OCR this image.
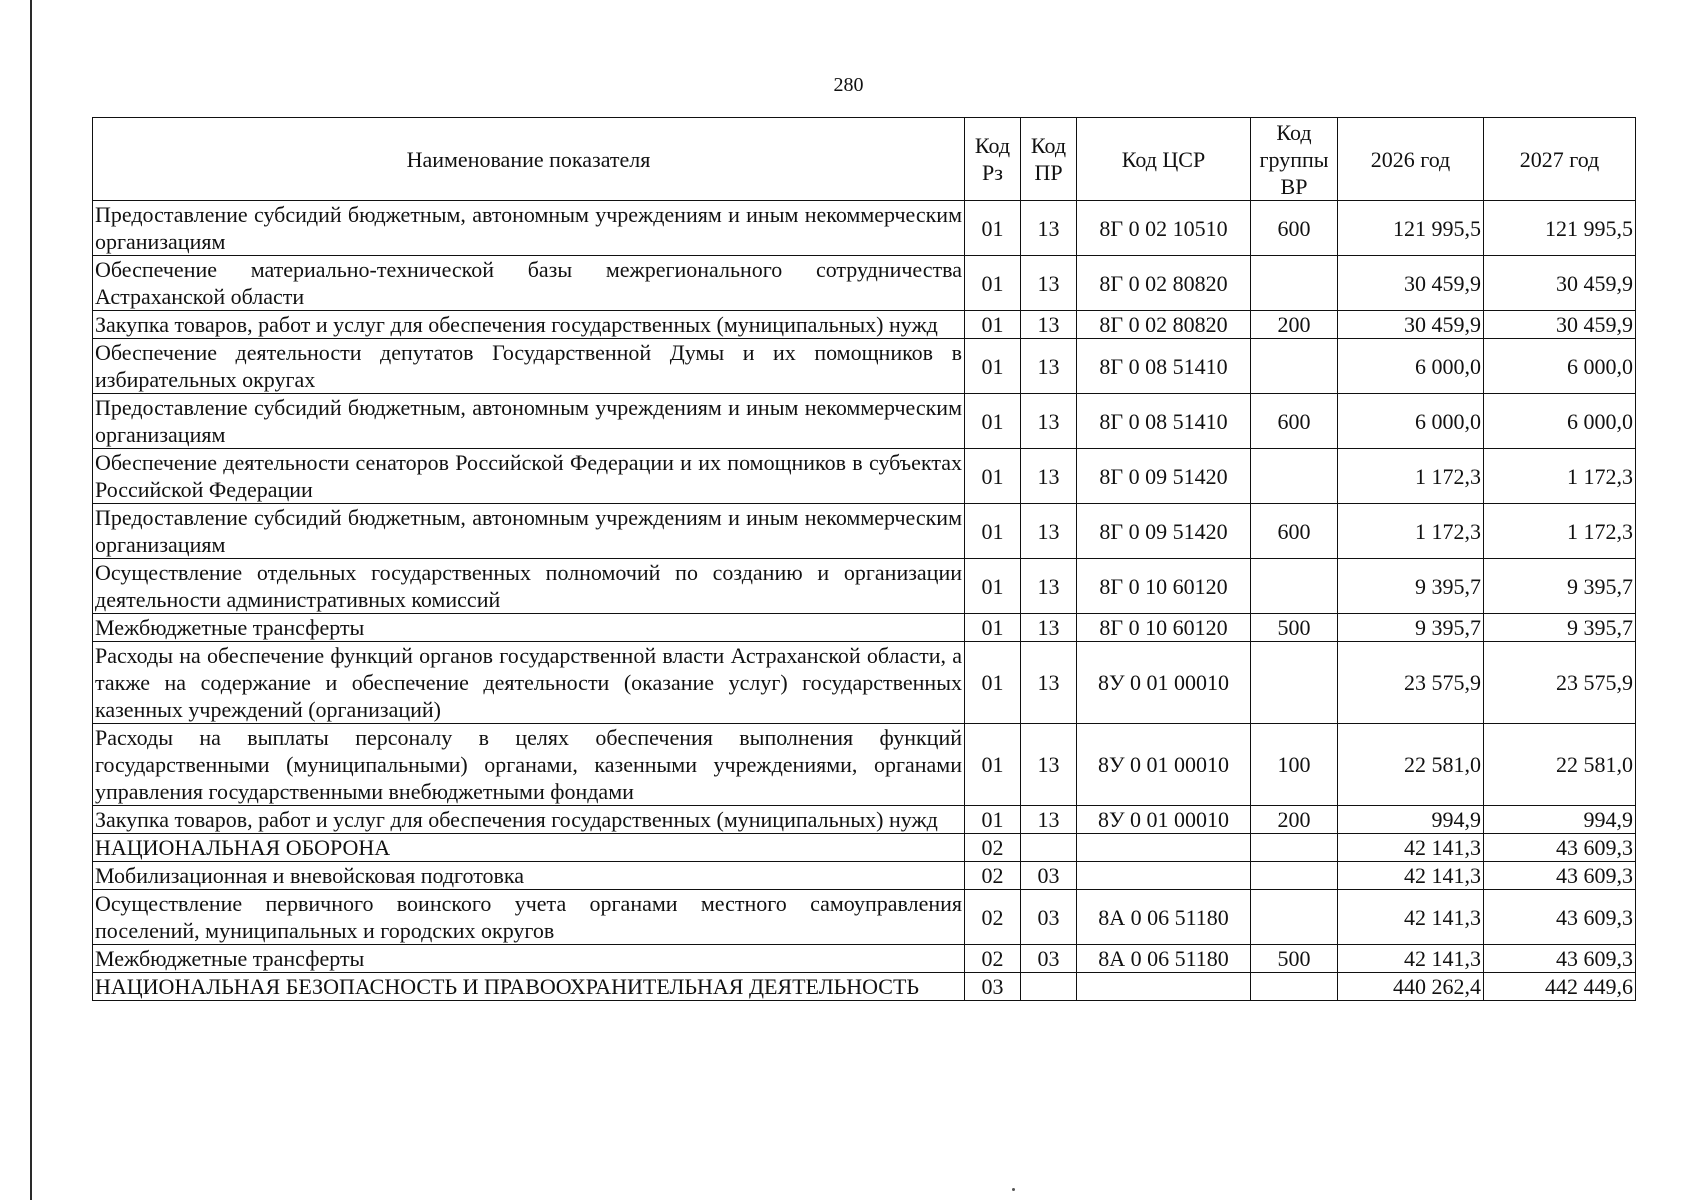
280
Наименование показателя	Код Рз	Код ПР	Код ЦСР	Код группы ВР	2026 год	2027 год
Предоставление субсидий бюджетным, автономным учреждениям и иным некоммерческим организациям	01	13	8Г 0 02 10510	600	121 995,5	121 995,5
Обеспечение материально-технической базы межрегионального сотрудничества Астраханской области	01	13	8Г 0 02 80820		30 459,9	30 459,9
Закупка товаров, работ и услуг для обеспечения государственных (муниципальных) нужд	01	13	8Г 0 02 80820	200	30 459,9	30 459,9
Обеспечение деятельности депутатов Государственной Думы и их помощников в избирательных округах	01	13	8Г 0 08 51410		6 000,0	6 000,0
Предоставление субсидий бюджетным, автономным учреждениям и иным некоммерческим организациям	01	13	8Г 0 08 51410	600	6 000,0	6 000,0
Обеспечение деятельности сенаторов Российской Федерации и их помощников в субъектах Российской Федерации	01	13	8Г 0 09 51420		1 172,3	1 172,3
Предоставление субсидий бюджетным, автономным учреждениям и иным некоммерческим организациям	01	13	8Г 0 09 51420	600	1 172,3	1 172,3
Осуществление отдельных государственных полномочий по созданию и организации деятельности административных комиссий	01	13	8Г 0 10 60120		9 395,7	9 395,7
Межбюджетные трансферты	01	13	8Г 0 10 60120	500	9 395,7	9 395,7
Расходы на обеспечение функций органов государственной власти Астраханской области, а также на содержание и обеспечение деятельности (оказание услуг) государственных казенных учреждений (организаций)	01	13	8У 0 01 00010		23 575,9	23 575,9
Расходы на выплаты персоналу в целях обеспечения выполнения функций государственными (муниципальными) органами, казенными учреждениями, органами управления государственными внебюджетными фондами	01	13	8У 0 01 00010	100	22 581,0	22 581,0
Закупка товаров, работ и услуг для обеспечения государственных (муниципальных) нужд	01	13	8У 0 01 00010	200	994,9	994,9
НАЦИОНАЛЬНАЯ ОБОРОНА	02				42 141,3	43 609,3
Мобилизационная и вневойсковая подготовка	02	03			42 141,3	43 609,3
Осуществление первичного воинского учета органами местного самоуправления поселений, муниципальных и городских округов	02	03	8А 0 06 51180		42 141,3	43 609,3
Межбюджетные трансферты	02	03	8А 0 06 51180	500	42 141,3	43 609,3
НАЦИОНАЛЬНАЯ БЕЗОПАСНОСТЬ И ПРАВООХРАНИТЕЛЬНАЯ ДЕЯТЕЛЬНОСТЬ	03				440 262,4	442 449,6
